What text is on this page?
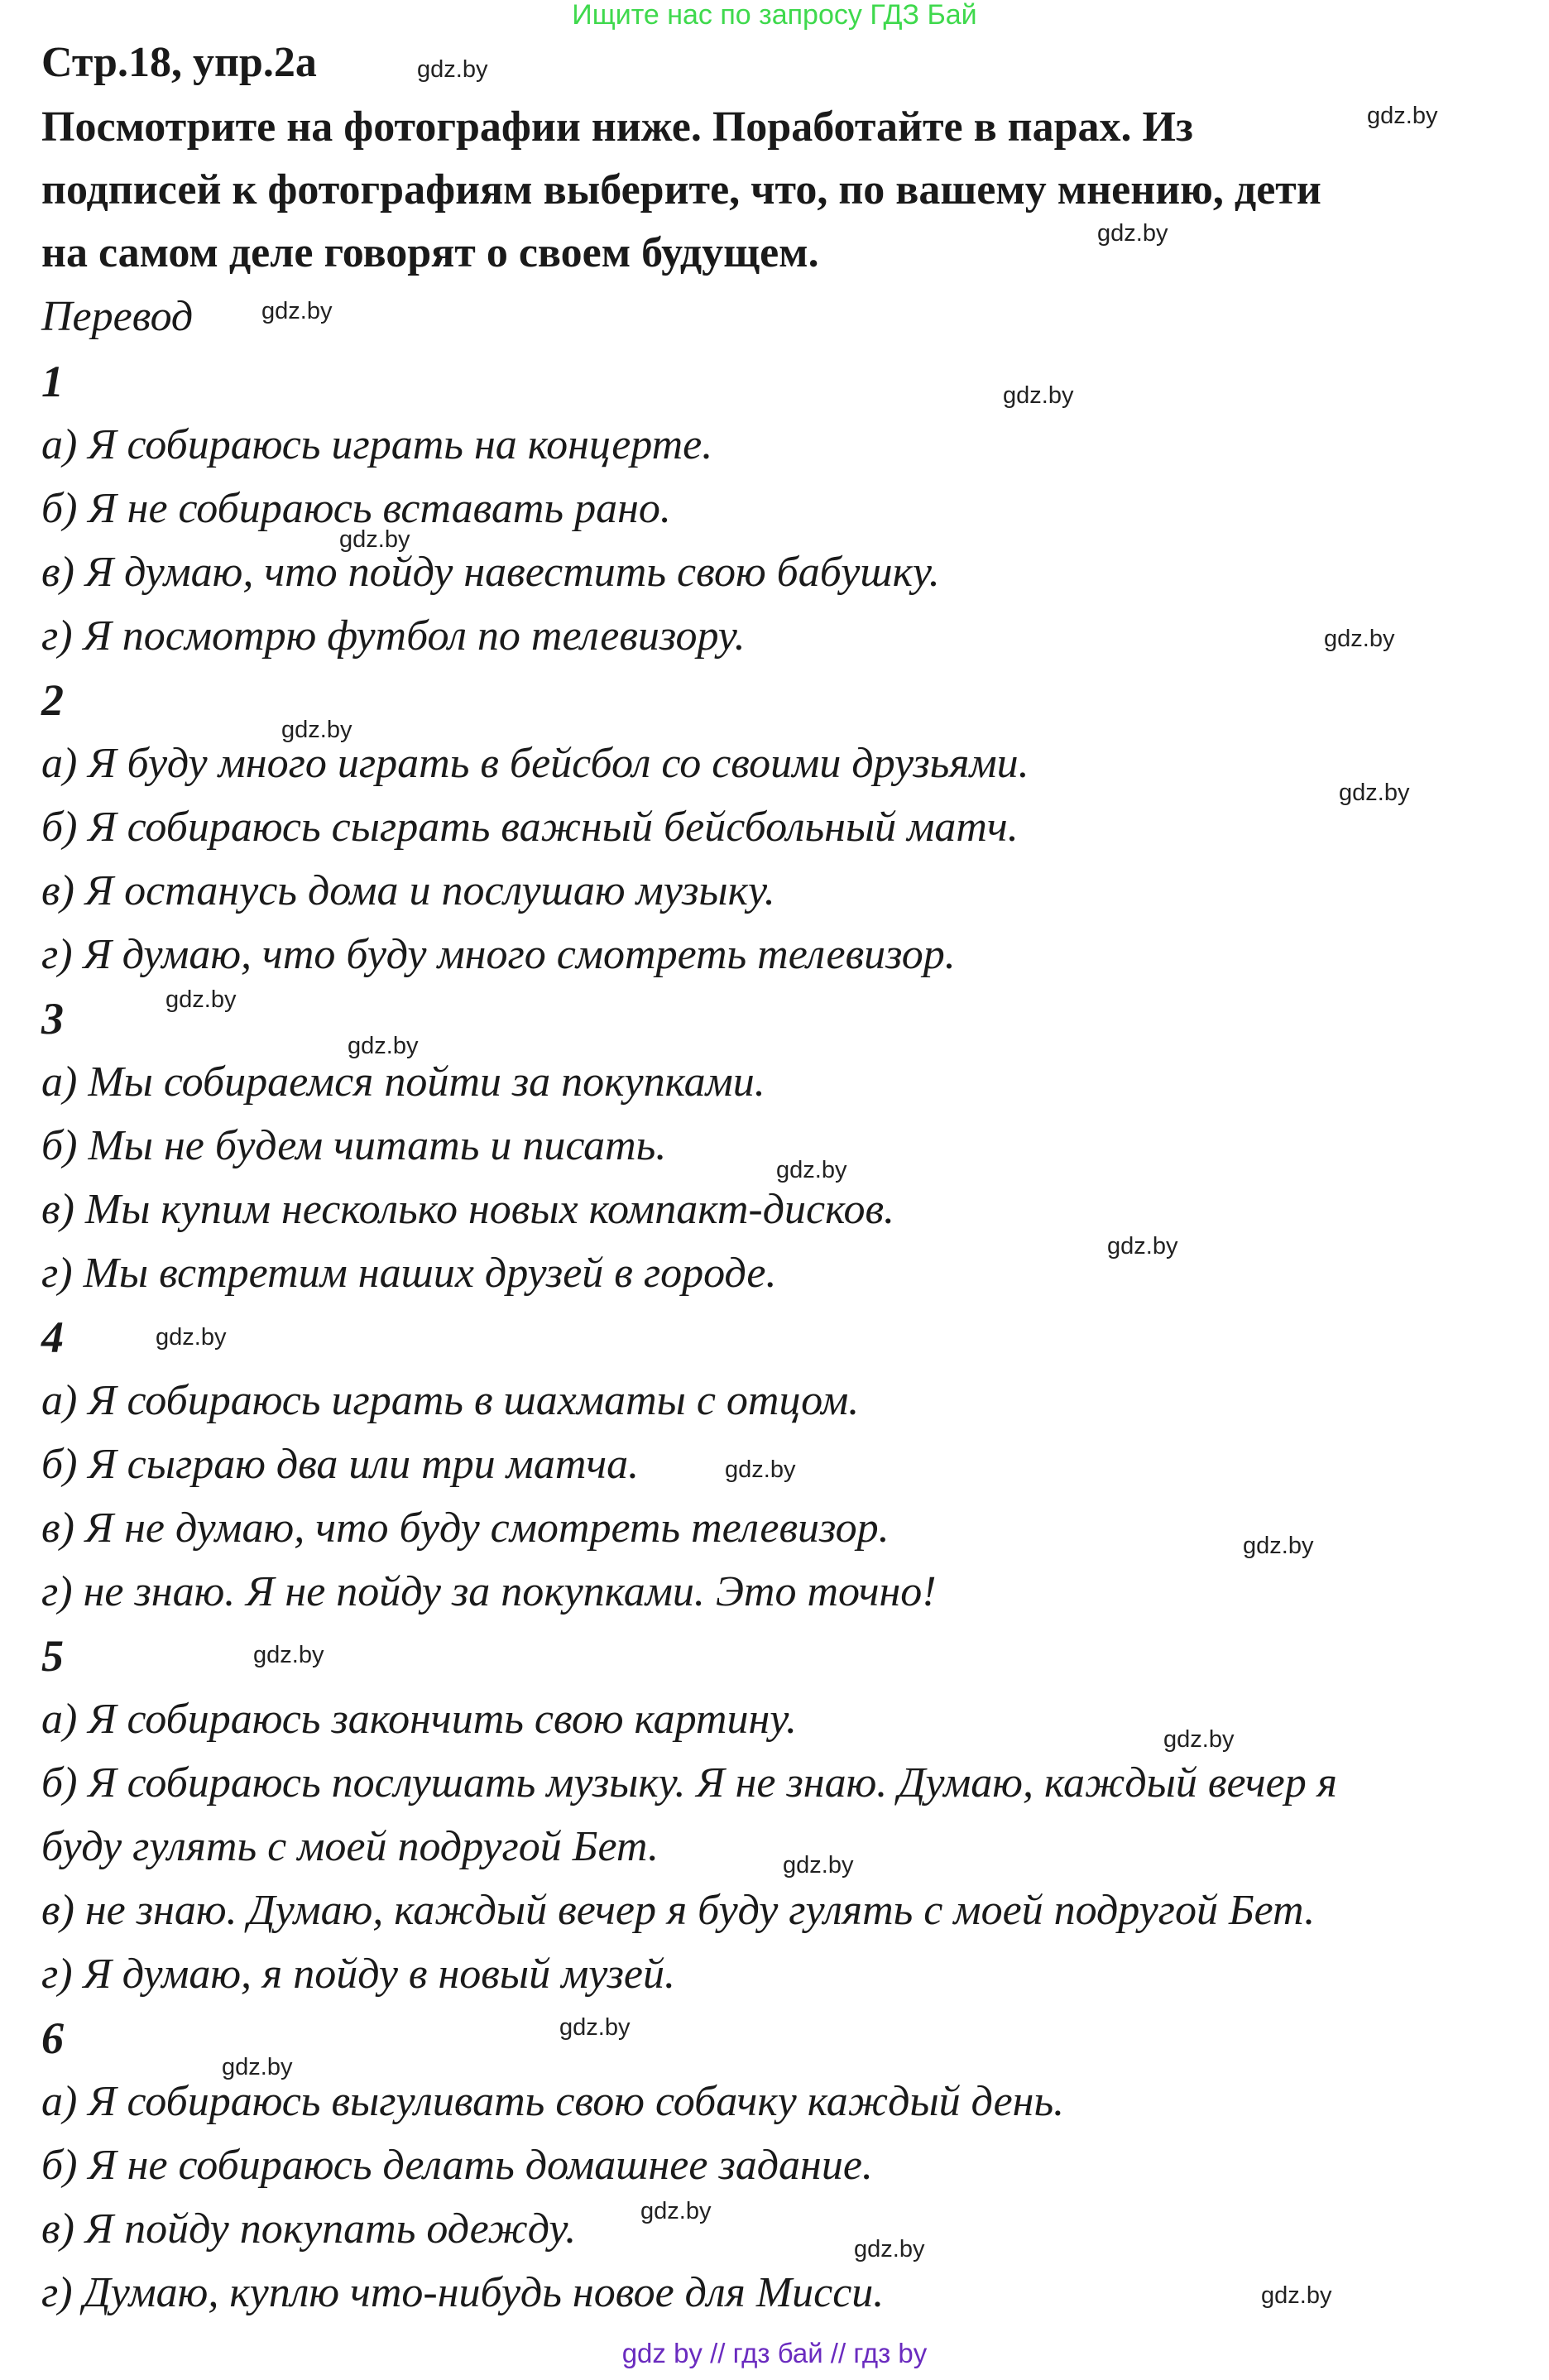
Ищите нас по запросу ГДЗ Бай
Стр.18, упр.2а
Посмотрите на фотографии ниже. Поработайте в парах. Из
подписей к фотографиям выберите, что, по вашему мнению, дети
на самом деле говорят о своем будущем.
Перевод
1
а) Я собираюсь играть на концерте.
б) Я не собираюсь вставать рано.
в) Я думаю, что пойду навестить свою бабушку.
г) Я посмотрю футбол по телевизору.
2
а) Я буду много играть в бейсбол со своими друзьями.
б) Я собираюсь сыграть важный бейсбольный матч.
в) Я останусь дома и послушаю музыку.
г) Я думаю, что буду много смотреть телевизор.
3
а) Мы собираемся пойти за покупками.
б) Мы не будем читать и писать.
в) Мы купим несколько новых компакт-дисков.
г) Мы встретим наших друзей в городе.
4
а) Я собираюсь играть в шахматы с отцом.
б) Я сыграю два или три матча.
в) Я не думаю, что буду смотреть телевизор.
г) не знаю. Я не пойду за покупками. Это точно!
5
а) Я собираюсь закончить свою картину.
б) Я собираюсь послушать музыку. Я не знаю. Думаю, каждый вечер я
буду гулять с моей подругой Бет.
в) не знаю. Думаю, каждый вечер я буду гулять с моей подругой Бет.
г) Я думаю, я пойду в новый музей.
6
а) Я собираюсь выгуливать свою собачку каждый день.
б) Я не собираюсь делать домашнее задание.
в) Я пойду покупать одежду.
г) Думаю, куплю что-нибудь новое для Мисси.
gdz.by
gdz.by
gdz.by
gdz.by
gdz.by
gdz.by
gdz.by
gdz.by
gdz.by
gdz.by
gdz.by
gdz.by
gdz.by
gdz.by
gdz.by
gdz.by
gdz.by
gdz.by
gdz.by
gdz.by
gdz.by
gdz.by
gdz.by
gdz.by
gdz by // гдз бай // гдз by
